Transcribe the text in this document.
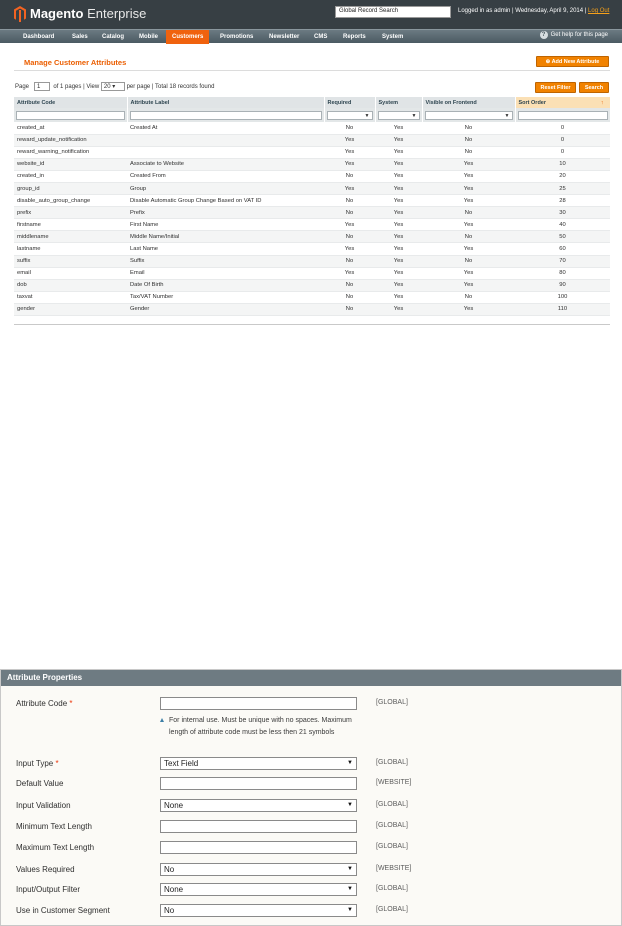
Magento Enterprise	Global Record Search	Logged in as admin | Wednesday, April 9, 2014 | Log Out
Dashboard	Sales	Catalog	Mobile	Customers	Promotions	Newsletter	CMS	Reports	System	? Get help for this page
Manage Customer Attributes	⊕ Add New Attribute
Page 1 of 1 pages | View 20 ▾ per page | Total 18 records found	Reset Filter	Search
Attribute Code	Attribute Label	Required	System	Visible on Frontend	Sort Order ↑

▼

▼

▼

created_at	Created At	No	Yes	No	0
reward_update_notification		Yes	Yes	No	0
reward_warning_notification		Yes	Yes	No	0
website_id	Associate to Website	Yes	Yes	Yes	10
created_in	Created From	No	Yes	Yes	20
group_id	Group	Yes	Yes	Yes	25
disable_auto_group_change	Disable Automatic Group Change Based on VAT ID	No	Yes	Yes	28
prefix	Prefix	No	Yes	No	30
firstname	First Name	Yes	Yes	Yes	40
middlename	Middle Name/Initial	No	Yes	No	50
lastname	Last Name	Yes	Yes	Yes	60
suffix	Suffix	No	Yes	No	70
email	Email	Yes	Yes	Yes	80
dob	Date Of Birth	No	Yes	Yes	90
taxvat	Tax/VAT Number	No	Yes	No	100
gender	Gender	No	Yes	Yes	110
Attribute Properties
Attribute Code *	[GLOBAL]
For internal use. Must be unique with no spaces. Maximum length of attribute code must be less then 21 symbols
Input Type *	Text Field	▼	[GLOBAL]
Default Value	[WEBSITE]
Input Validation	None	▼	[GLOBAL]
Minimum Text Length	[GLOBAL]
Maximum Text Length	[GLOBAL]
Values Required	No	▼	[WEBSITE]
Input/Output Filter	None	▼	[GLOBAL]
Use in Customer Segment	No	▼	[GLOBAL]
